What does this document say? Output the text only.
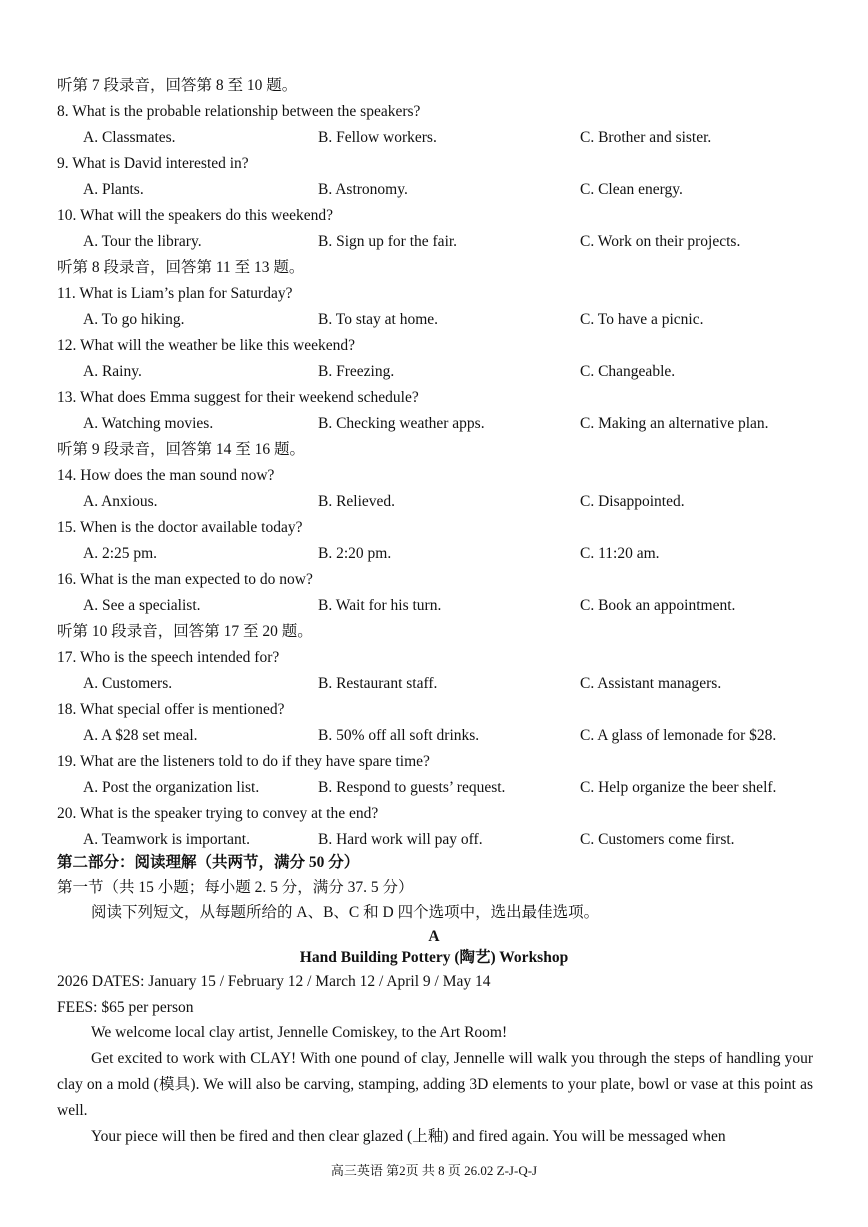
听第 7 段录音，回答第 8 至 10 题。
8. What is the probable relationship between the speakers?
A. Classmates.	B. Fellow workers.	C. Brother and sister.
9. What is David interested in?
A. Plants.	B. Astronomy.	C. Clean energy.
10. What will the speakers do this weekend?
A. Tour the library.	B. Sign up for the fair.	C. Work on their projects.
听第 8 段录音，回答第 11 至 13 题。
11. What is Liam’s plan for Saturday?
A. To go hiking.	B. To stay at home.	C. To have a picnic.
12. What will the weather be like this weekend?
A. Rainy.	B. Freezing.	C. Changeable.
13. What does Emma suggest for their weekend schedule?
A. Watching movies.	B. Checking weather apps.	C. Making an alternative plan.
听第 9 段录音，回答第 14 至 16 题。
14. How does the man sound now?
A. Anxious.	B. Relieved.	C. Disappointed.
15. When is the doctor available today?
A. 2:25 pm.	B. 2:20 pm.	C. 11:20 am.
16. What is the man expected to do now?
A. See a specialist.	B. Wait for his turn.	C. Book an appointment.
听第 10 段录音，回答第 17 至 20 题。
17. Who is the speech intended for?
A. Customers.	B. Restaurant staff.	C. Assistant managers.
18. What special offer is mentioned?
A. A $28 set meal.	B. 50% off all soft drinks.	C. A glass of lemonade for $28.
19. What are the listeners told to do if they have spare time?
A. Post the organization list.	B. Respond to guests’ request.	C. Help organize the beer shelf.
20. What is the speaker trying to convey at the end?
A. Teamwork is important.	B. Hard work will pay off.	C. Customers come first.
第二部分：阅读理解（共两节，满分 50 分）
第一节（共 15 小题；每小题 2. 5 分，满分 37. 5 分）
阅读下列短文，从每题所给的 A、B、C 和 D 四个选项中，选出最佳选项。
A
Hand Building Pottery (陶艺) Workshop
2026 DATES: January 15 / February 12 / March 12 / April 9 / May 14
FEES: $65 per person
We welcome local clay artist, Jennelle Comiskey, to the Art Room!
Get excited to work with CLAY! With one pound of clay, Jennelle will walk you through the steps of handling your clay on a mold (模具). We will also be carving, stamping, adding 3D elements to your plate, bowl or vase at this point as well.
Your piece will then be fired and then clear glazed (上釉) and fired again. You will be messaged when
高三英语 第2页 共 8 页 26.02 Z-J-Q-J
